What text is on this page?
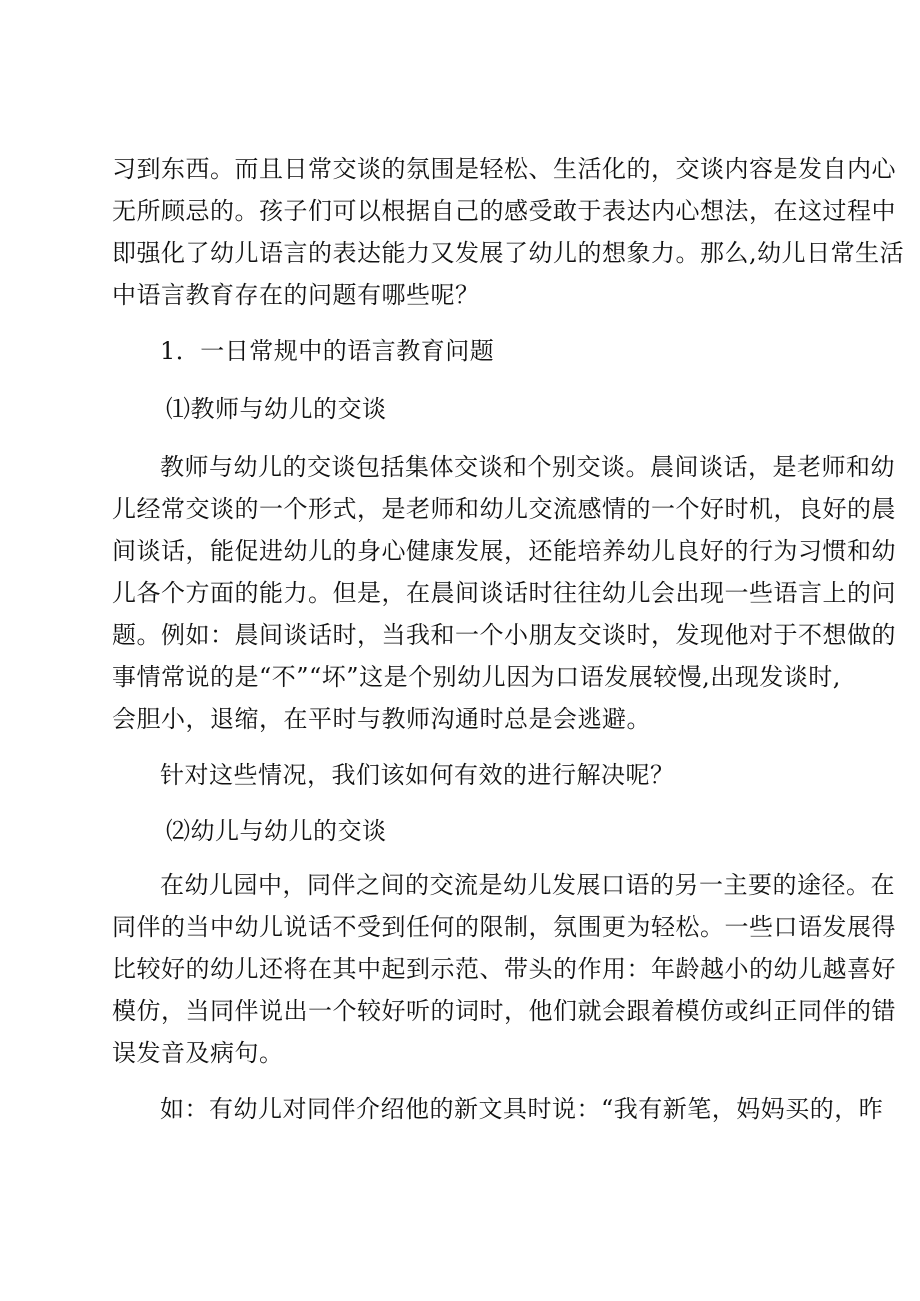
习到东西。而且日常交谈的氛围是轻松、生活化的，交谈内容是发自内心
无所顾忌的。孩子们可以根据自己的感受敢于表达内心想法，在这过程中
即强化了幼儿语言的表达能力又发展了幼儿的想象力。那么,幼儿日常生活
中语言教育存在的问题有哪些呢？
1．一日常规中的语言教育问题
⑴教师与幼儿的交谈
教师与幼儿的交谈包括集体交谈和个别交谈。晨间谈话，是老师和幼
儿经常交谈的一个形式，是老师和幼儿交流感情的一个好时机，良好的晨
间谈话，能促进幼儿的身心健康发展，还能培养幼儿良好的行为习惯和幼
儿各个方面的能力。但是，在晨间谈话时往往幼儿会出现一些语言上的问
题。例如：晨间谈话时，当我和一个小朋友交谈时，发现他对于不想做的
事情常说的是“不”“坏”这是个别幼儿因为口语发展较慢,出现发谈时,
会胆小，退缩，在平时与教师沟通时总是会逃避。
针对这些情况，我们该如何有效的进行解决呢？
⑵幼儿与幼儿的交谈
在幼儿园中，同伴之间的交流是幼儿发展口语的另一主要的途径。在
同伴的当中幼儿说话不受到任何的限制，氛围更为轻松。一些口语发展得
比较好的幼儿还将在其中起到示范、带头的作用：年龄越小的幼儿越喜好
模仿，当同伴说出一个较好听的词时，他们就会跟着模仿或纠正同伴的错
误发音及病句。
如：有幼儿对同伴介绍他的新文具时说：“我有新笔，妈妈买的，昨
